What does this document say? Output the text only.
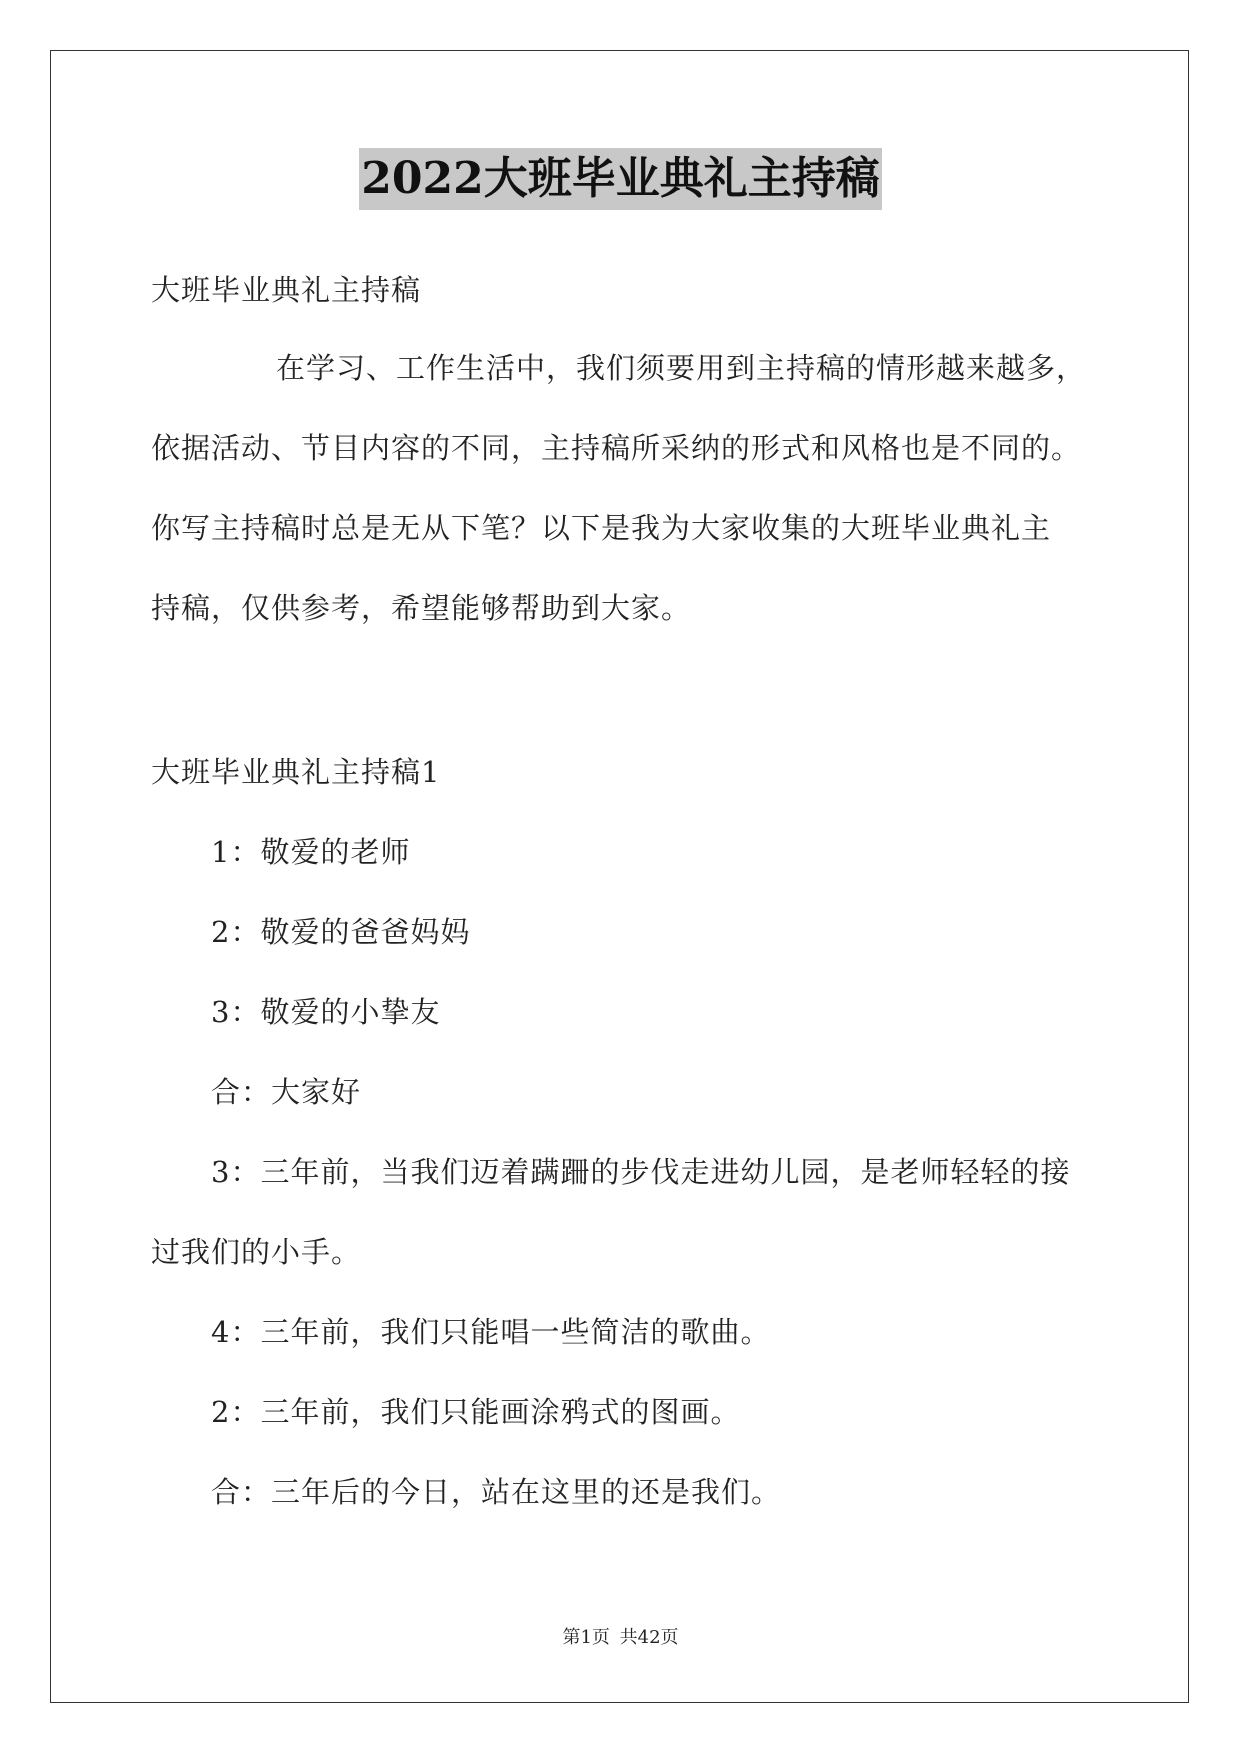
2022大班毕业典礼主持稿
大班毕业典礼主持稿
在学习、工作生活中，我们须要用到主持稿的情形越来越多，
依据活动、节目内容的不同，主持稿所采纳的形式和风格也是不同的。
你写主持稿时总是无从下笔？以下是我为大家收集的大班毕业典礼主
持稿，仅供参考，希望能够帮助到大家。
大班毕业典礼主持稿1
1：敬爱的老师
2：敬爱的爸爸妈妈
3：敬爱的小挚友
合：大家好
3：三年前，当我们迈着蹒跚的步伐走进幼儿园，是老师轻轻的接
过我们的小手。
4：三年前，我们只能唱一些简洁的歌曲。
2：三年前，我们只能画涂鸦式的图画。
合：三年后的今日，站在这里的还是我们。
第1页 共42页
